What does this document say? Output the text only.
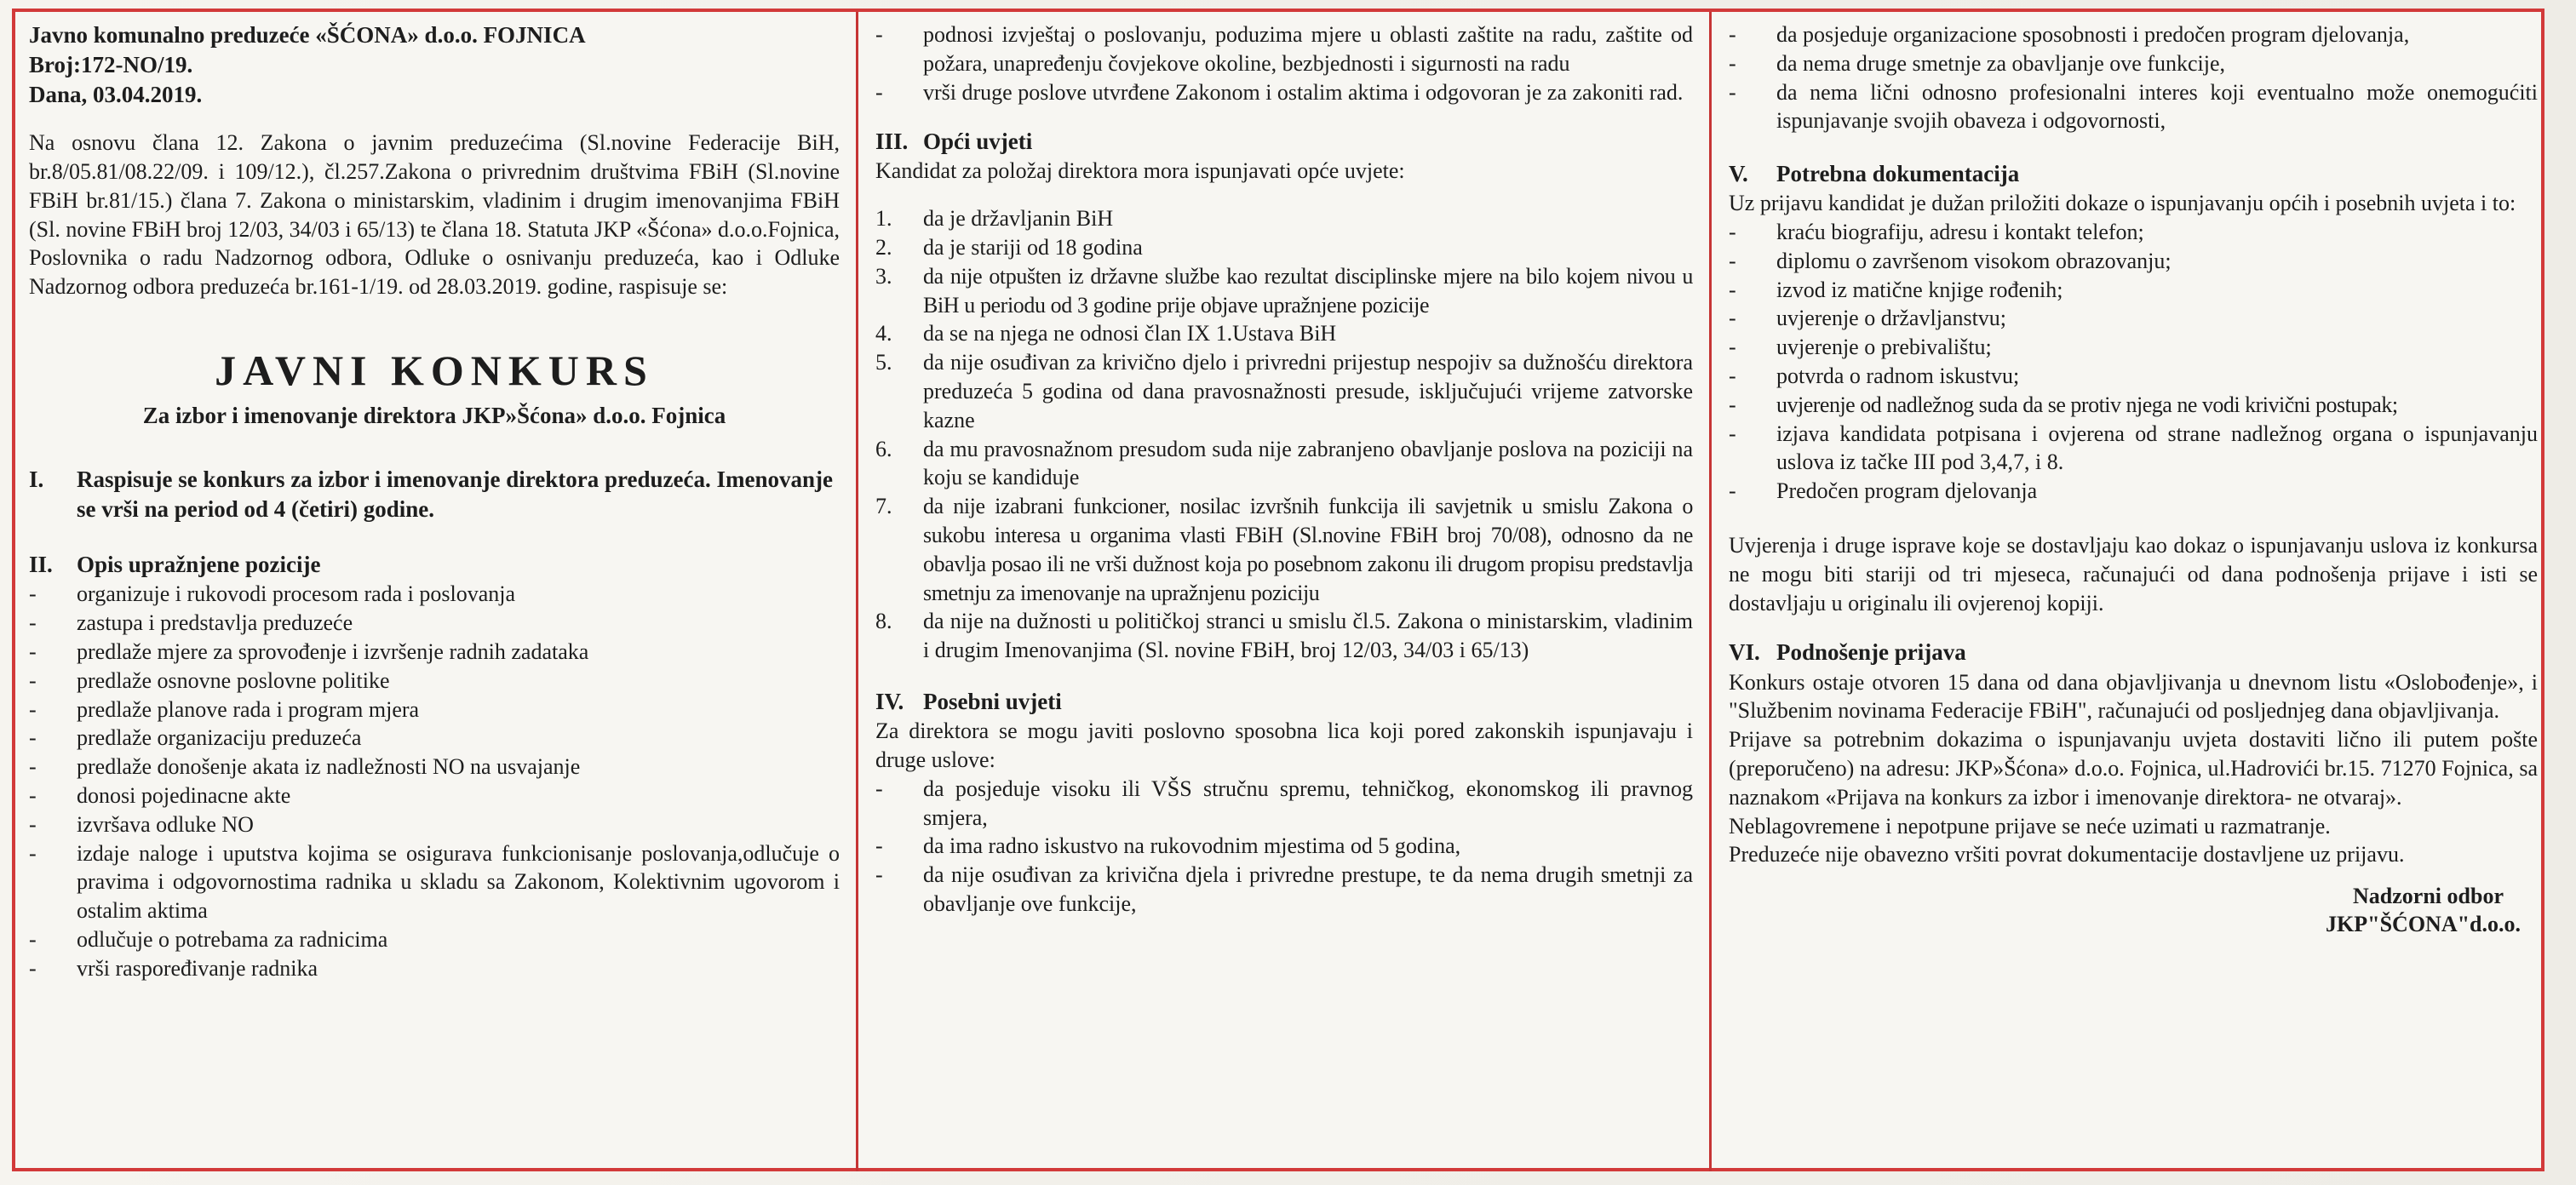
Javno komunalno preduzeće «ŠĆONA» d.o.o. FOJNICA

Broj:172-NO/19.

Dana, 03.04.2019.

Na osnovu člana 12. Zakona o javnim preduzećima (Sl.novine Federacije BiH, br.8/05.81/08.22/09. i 109/12.), čl.257.Zakona o privrednim društvima FBiH (Sl.novine FBiH br.81/15.) člana 7. Zakona o ministarskim, vladinim i drugim imenovanjima FBiH (Sl. novine FBiH broj 12/03, 34/03 i 65/13) te člana 18. Statuta JKP «Šćona» d.o.o.Fojnica, Poslovnika o radu Nadzornog odbora, Odluke o osnivanju preduzeća, kao i Odluke Nadzornog odbora preduzeća br.161-1/19. od 28.03.2019. godine, raspisuje se:

JAVNI KONKURS

Za izbor i imenovanje direktora JKP»Šćona» d.o.o. Fojnica

I.	Raspisuje se konkurs za izbor i imenovanje direktora preduzeća. Imenovanje se vrši na period od 4 (četiri) godine.
II.	Opis upražnjene pozicije
-	organizuje i rukovodi procesom rada i poslovanja
-	zastupa i predstavlja preduzeće
-	predlaže mjere za sprovođenje i izvršenje radnih zadataka
-	predlaže osnovne poslovne politike
-	predlaže planove rada i program mjera
-	predlaže organizaciju preduzeća
-	predlaže donošenje akata iz nadležnosti NO na usvajanje
-	donosi pojedinacne akte
-	izvršava odluke NO
-	izdaje naloge i uputstva kojima se osigurava funkcionisanje poslovanja,odlučuje o pravima i odgovornostima radnika u skladu sa Zakonom, Kolektivnim ugovorom i ostalim aktima
-	odlučuje o potrebama za radnicima
-	vrši raspoređivanje radnika
-	podnosi izvještaj o poslovanju, poduzima mjere u oblasti zaštite na radu, zaštite od požara, unapređenju čovjekove okoline, bezbjednosti i sigurnosti na radu
-	vrši druge poslove utvrđene Zakonom i ostalim aktima i odgovoran je za zakoniti rad.
III. Opći uvjeti

Kandidat za položaj direktora mora ispunjavati opće uvjete:

1.	da je državljanin BiH
2.	da je stariji od 18 godina
3.	da nije otpušten iz državne službe kao rezultat disciplinske mjere na bilo kojem nivou u BiH u periodu od 3 godine prije objave upražnjene pozicije
4.	da se na njega ne odnosi član IX 1.Ustava BiH
5.	da nije osuđivan za krivično djelo i privredni prijestup nespojiv sa dužnošću direktora preduzeća 5 godina od dana pravosnažnosti presude, isključujući vrijeme zatvorske kazne
6.	da mu pravosnažnom presudom suda nije zabranjeno obavljanje poslova na poziciji na koju se kandiduje
7.	da nije izabrani funkcioner, nosilac izvršnih funkcija ili savjetnik u smislu Zakona o sukobu interesa u organima vlasti FBiH (Sl.novine FBiH broj 70/08), odnosno da ne obavlja posao ili ne vrši dužnost koja po posebnom zakonu ili drugom propisu predstavlja smetnju za imenovanje na upražnjenu poziciju
8.	da nije na dužnosti u političkoj stranci u smislu čl.5. Zakona o ministarskim, vladinim i drugim Imenovanjima (Sl. novine FBiH, broj 12/03, 34/03 i 65/13)
IV. Posebni uvjeti

Za direktora se mogu javiti poslovno sposobna lica koji pored zakonskih ispunjavaju i druge uslove:

-	da posjeduje visoku ili VŠS stručnu spremu, tehničkog, ekonomskog ili pravnog smjera,
-	da ima radno iskustvo na rukovodnim mjestima od 5 godina,
-	da nije osuđivan za krivična djela i privredne prestupe, te da nema drugih smetnji za obavljanje ove funkcije,
-	da posjeduje organizacione sposobnosti i predočen program djelovanja,
-	da nema druge smetnje za obavljanje ove funkcije,
-	da nema lični odnosno profesionalni interes koji eventualno može onemogućiti ispunjavanje svojih obaveza i odgovornosti,
V.	Potrebna dokumentacija

Uz prijavu kandidat je dužan priložiti dokaze o ispunjavanju općih i posebnih uvjeta i to:

-	kraću biografiju, adresu i kontakt telefon;
-	diplomu o završenom visokom obrazovanju;
-	izvod iz matične knjige rođenih;
-	uvjerenje o državljanstvu;
-	uvjerenje o prebivalištu;
-	potvrda o radnom iskustvu;
-	uvjerenje od nadležnog suda da se protiv njega ne vodi krivični postupak;
-	izjava kandidata potpisana i ovjerena od strane nadležnog organa o ispunjavanju uslova iz tačke III pod 3,4,7, i 8.
-	Predočen program djelovanja

Uvjerenja i druge isprave koje se dostavljaju kao dokaz o ispunjavanju uslova iz konkursa ne mogu biti stariji od tri mjeseca, računajući od dana podnošenja prijave i isti se dostavljaju u originalu ili ovjerenoj kopiji.

VI. Podnošenje prijava

Konkurs ostaje otvoren 15 dana od dana objavljivanja u dnevnom listu «Oslobođenje», i "Službenim novinama Federacije FBiH", računajući od posljednjeg dana objavljivanja.

Prijave sa potrebnim dokazima o ispunjavanju uvjeta dostaviti lično ili putem pošte (preporučeno) na adresu: JKP»Šćona» d.o.o. Fojnica, ul.Hadrovići br.15. 71270 Fojnica, sa naznakom «Prijava na konkurs za izbor i imenovanje direktora- ne otvaraj».

Neblagovremene i nepotpune prijave se neće uzimati u razmatranje.

Preduzeće nije obavezno vršiti povrat dokumentacije dostavljene uz prijavu.

Nadzorni odbor
JKP"ŠĆONA"d.o.o.
